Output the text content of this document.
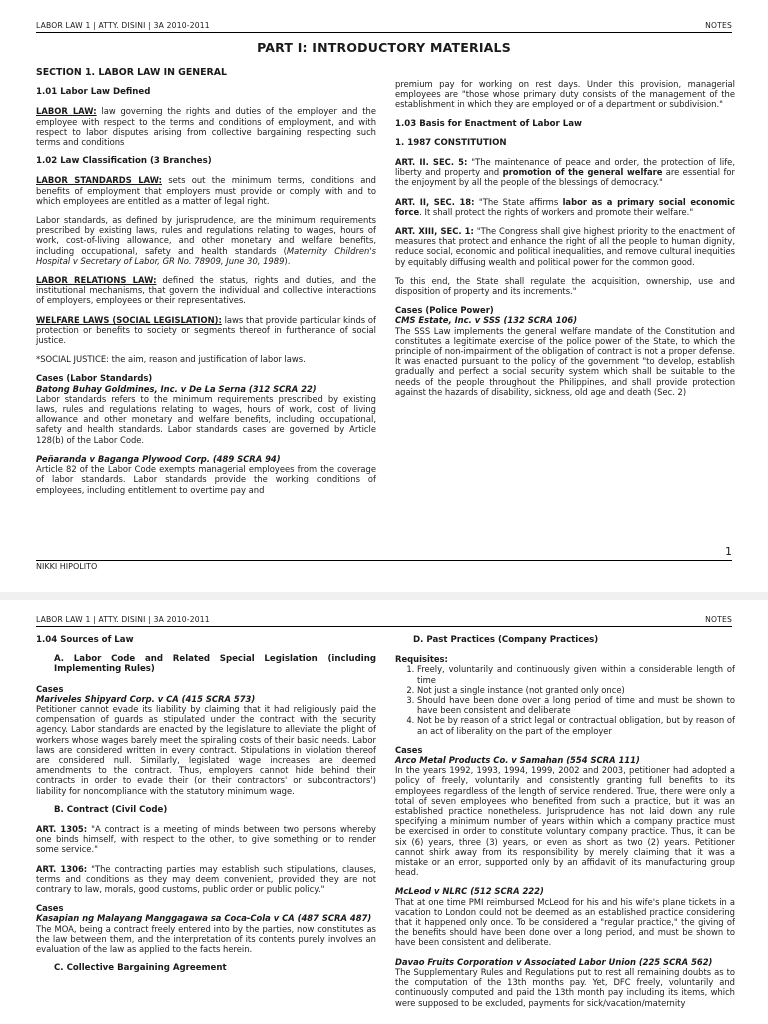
LABOR LAW 1 | ATTY. DISINI | 3A 2010-2011	NOTES
PART I: INTRODUCTORY MATERIALS
SECTION 1. LABOR LAW IN GENERAL
1.01 Labor Law Defined

LABOR LAW: law governing the rights and duties of the employer and the employee with respect to the terms and conditions of employment, and with respect to labor disputes arising from collective bargaining respecting such terms and conditions

1.02 Law Classification (3 Branches)

LABOR STANDARDS LAW: sets out the minimum terms, conditions and benefits of employment that employers must provide or comply with and to which employees are entitled as a matter of legal right.

Labor standards, as defined by jurisprudence, are the minimum requirements prescribed by existing laws, rules and regulations relating to wages, hours of work, cost-of-living allowance, and other monetary and welfare benefits, including occupational, safety and health standards (Maternity Children's Hospital v Secretary of Labor, GR No. 78909, June 30, 1989).

LABOR RELATIONS LAW: defined the status, rights and duties, and the institutional mechanisms, that govern the individual and collective interactions of employers, employees or their representatives.

WELFARE LAWS (SOCIAL LEGISLATION): laws that provide particular kinds of protection or benefits to society or segments thereof in furtherance of social justice.

*SOCIAL JUSTICE: the aim, reason and justification of labor laws.

Cases (Labor Standards)
Batong Buhay Goldmines, Inc. v De La Serna (312 SCRA 22)

Labor standards refers to the minimum requirements prescribed by existing laws, rules and regulations relating to wages, hours of work, cost of living allowance and other monetary and welfare benefits, including occupational, safety and health standards. Labor standards cases are governed by Article 128(b) of the Labor Code.

Peñaranda v Baganga Plywood Corp. (489 SCRA 94)

Article 82 of the Labor Code exempts managerial employees from the coverage of labor standards. Labor standards provide the working conditions of employees, including entitlement to overtime pay and

premium pay for working on rest days. Under this provision, managerial employees are "those whose primary duty consists of the management of the establishment in which they are employed or of a department or subdivision."

1.03 Basis for Enactment of Labor Law
1. 1987 CONSTITUTION

ART. II. SEC. 5: "The maintenance of peace and order, the protection of life, liberty and property and promotion of the general welfare are essential for the enjoyment by all the people of the blessings of democracy."

ART. II, SEC. 18: "The State affirms labor as a primary social economic force. It shall protect the rights of workers and promote their welfare."

ART. XIII, SEC. 1: "The Congress shall give highest priority to the enactment of measures that protect and enhance the right of all the people to human dignity, reduce social, economic and political inequalities, and remove cultural inequities by equitably diffusing wealth and political power for the common good.

To this end, the State shall regulate the acquisition, ownership, use and disposition of property and its increments."

Cases (Police Power)
CMS Estate, Inc. v SSS (132 SCRA 106)

The SSS Law implements the general welfare mandate of the Constitution and constitutes a legitimate exercise of the police power of the State, to which the principle of non-impairment of the obligation of contract is not a proper defense. It was enacted pursuant to the policy of the government "to develop, establish gradually and perfect a social security system which shall be suitable to the needs of the people throughout the Philippines, and shall provide protection against the hazards of disability, sickness, old age and death (Sec. 2)

1
NIKKI HIPOLITO
LABOR LAW 1 | ATTY. DISINI | 3A 2010-2011	NOTES
1.04 Sources of Law
A. Labor Code and Related Special Legislation (including Implementing Rules)
Cases
Mariveles Shipyard Corp. v CA (415 SCRA 573)

Petitioner cannot evade its liability by claiming that it had religiously paid the compensation of guards as stipulated under the contract with the security agency. Labor standards are enacted by the legislature to alleviate the plight of workers whose wages barely meet the spiraling costs of their basic needs. Labor laws are considered written in every contract. Stipulations in violation thereof are considered null. Similarly, legislated wage increases are deemed amendments to the contract. Thus, employers cannot hide behind their contracts in order to evade their (or their contractors' or subcontractors') liability for noncompliance with the statutory minimum wage.

B. Contract (Civil Code)

ART. 1305: "A contract is a meeting of minds between two persons whereby one binds himself, with respect to the other, to give something or to render some service."

ART. 1306: "The contracting parties may establish such stipulations, clauses, terms and conditions as they may deem convenient, provided they are not contrary to law, morals, good customs, public order or public policy."

Cases
Kasapian ng Malayang Manggagawa sa Coca-Cola v CA (487 SCRA 487)

The MOA, being a contract freely entered into by the parties, now constitutes as the law between them, and the interpretation of its contents purely involves an evaluation of the law as applied to the facts herein.

C. Collective Bargaining Agreement
D. Past Practices (Company Practices)
Requisites:
1. Freely, voluntarily and continuously given within a considerable length of time
2. Not just a single instance (not granted only once)
3. Should have been done over a long period of time and must be shown to have been consistent and deliberate
4. Not be by reason of a strict legal or contractual obligation, but by reason of an act of liberality on the part of the employer
Cases
Arco Metal Products Co. v Samahan (554 SCRA 111)

In the years 1992, 1993, 1994, 1999, 2002 and 2003, petitioner had adopted a policy of freely, voluntarily and consistently granting full benefits to its employees regardless of the length of service rendered. True, there were only a total of seven employees who benefited from such a practice, but it was an established practice nonetheless. Jurisprudence has not laid down any rule specifying a minimum number of years within which a company practice must be exercised in order to constitute voluntary company practice. Thus, it can be six (6) years, three (3) years, or even as short as two (2) years. Petitioner cannot shirk away from its responsibility by merely claiming that it was a mistake or an error, supported only by an affidavit of its manufacturing group head.

McLeod v NLRC (512 SCRA 222)

That at one time PMI reimbursed McLeod for his and his wife's plane tickets in a vacation to London could not be deemed as an established practice considering that it happened only once. To be considered a "regular practice," the giving of the benefits should have been done over a long period, and must be shown to have been consistent and deliberate.

Davao Fruits Corporation v Associated Labor Union (225 SCRA 562)

The Supplementary Rules and Regulations put to rest all remaining doubts as to the computation of the 13th months pay. Yet, DFC freely, voluntarily and continuously computed and paid the 13th month pay including its items, which were supposed to be excluded, payments for sick/vacation/maternity
